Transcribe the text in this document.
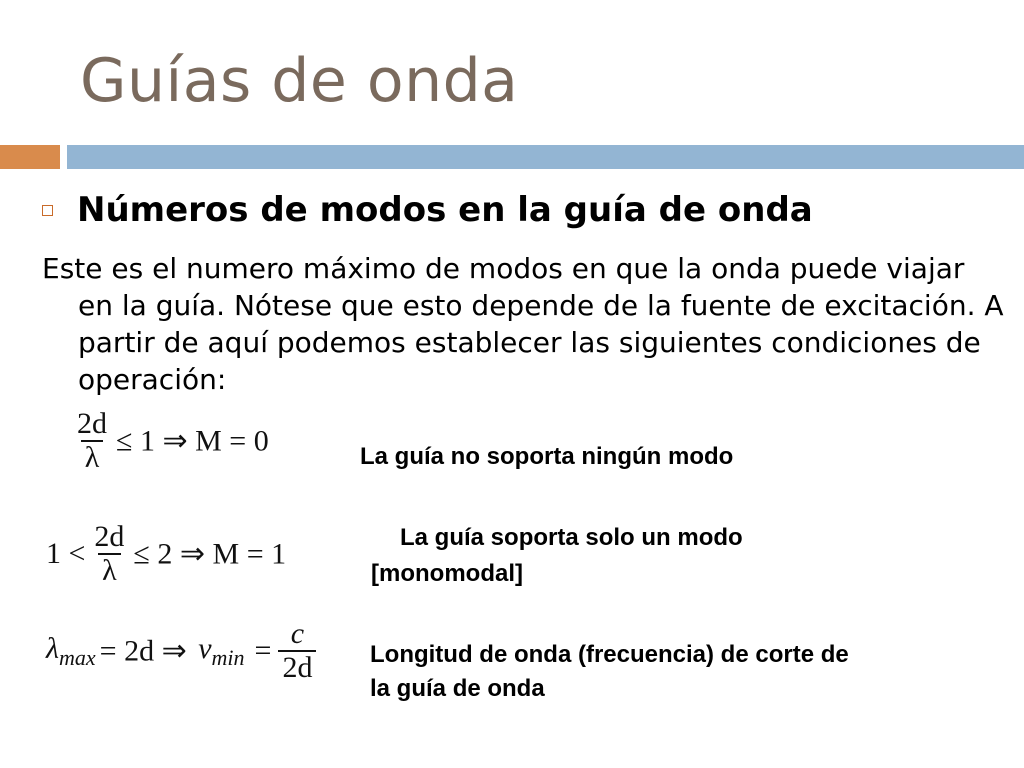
Guías de onda
Números de modos en la guía de onda
Este es el numero máximo de modos en que la onda puede viajar en la guía. Nótese que esto depende de la fuente de excitación. A partir de aquí podemos establecer las siguientes condiciones de operación:
$\frac{2d}{\lambda} \le 1$ ⇒ M = 0	La guía no soporta ningún modo
$1 < \frac{2d}{\lambda} \le 2$ ⇒ M = 1	La guía soporta solo un modo
[monomodal]
$\lambda_{max} = 2d$ ⇒  $\nu_{min} = \frac{c}{2d}$ Longitud de onda (frecuencia) de corte de
la guía de onda
